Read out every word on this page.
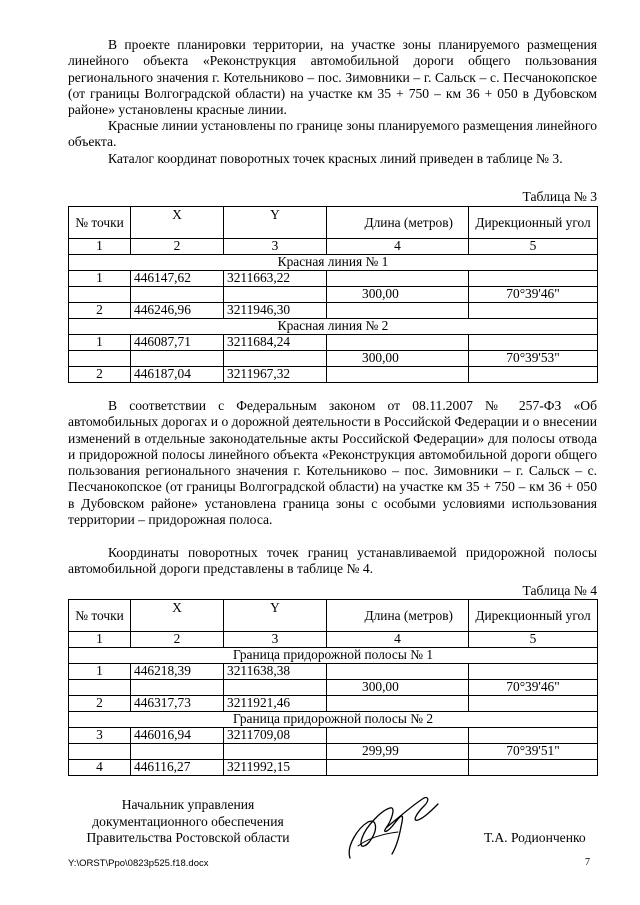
В проекте планировки территории, на участке зоны планируемого размещения линейного объекта «Реконструкция автомобильной дороги общего пользования регионального значения г. Котельниково – пос. Зимовники – г. Сальск – с. Песчанокопское (от границы Волгоградской области) на участке км 35 + 750 – км 36 + 050 в Дубовском районе» установлены красные линии.

Красные линии установлены по границе зоны планируемого размещения линейного объекта.

Каталог координат поворотных точек красных линий приведен в таблице № 3.

Таблица № 3
№ точки	X	Y	Длина (метров)	Дирекционный угол
1	2	3	4	5
Красная линия № 1				
1	446147,62	3211663,22		
			300,00	70°39'46"
2	446246,96	3211946,30		
Красная линия № 2				
1	446087,71	3211684,24		
			300,00	70°39'53"
2	446187,04	3211967,32		

В соответствии с Федеральным законом от 08.11.2007 № 257-ФЗ «Об автомобильных дорогах и о дорожной деятельности в Российской Федерации и о внесении изменений в отдельные законодательные акты Российской Федерации» для полосы отвода и придорожной полосы линейного объекта «Реконструкция автомобильной дороги общего пользования регионального значения г. Котельниково – пос. Зимовники – г. Сальск – с. Песчанокопское (от границы Волгоградской области) на участке км 35 + 750 – км 36 + 050 в Дубовском районе» установлена граница зоны с особыми условиями использования территории – придорожная полоса.

Координаты поворотных точек границ устанавливаемой придорожной полосы автомобильной дороги представлены в таблице № 4.

Таблица № 4
№ точки	X	Y	Длина (метров)	Дирекционный угол
1	2	3	4	5
Граница придорожной полосы № 1				
1	446218,39	3211638,38		
			300,00	70°39'46"
2	446317,73	3211921,46		
Граница придорожной полосы № 2				
3	446016,94	3211709,08		
			299,99	70°39'51"
4	446116,27	3211992,15		
Начальник управления
документационного обеспечения
Правительства Ростовской области	Т.А. Родионченко
Y:\ORST\Ppo\0823p525.f18.docx	7
